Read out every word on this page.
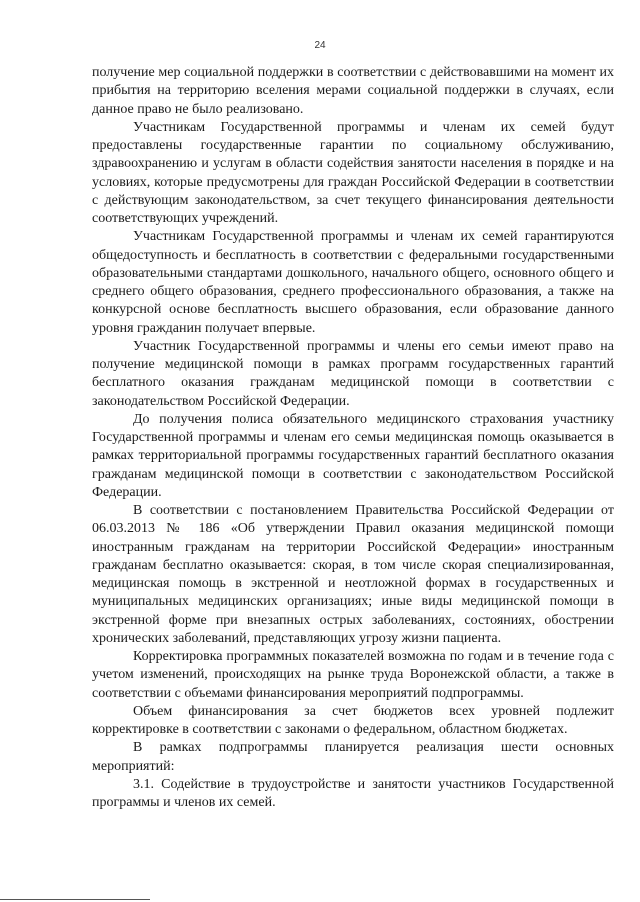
24

получение мер социальной поддержки в соответствии с действовавшими на момент их прибытия на территорию вселения мерами социальной поддержки в случаях, если данное право не было реализовано.

Участникам Государственной программы и членам их семей будут предоставлены государственные гарантии по социальному обслуживанию, здравоохранению и услугам в области содействия занятости населения в порядке и на условиях, которые предусмотрены для граждан Российской Федерации в соответствии с действующим законодательством, за счет текущего финансирования деятельности соответствующих учреждений.

Участникам Государственной программы и членам их семей гарантируются общедоступность и бесплатность в соответствии с федеральными государственными образовательными стандартами дошкольного, начального общего, основного общего и среднего общего образования, среднего профессионального образования, а также на конкурсной основе бесплатность высшего образования, если образование данного уровня гражданин получает впервые.

Участник Государственной программы и члены его семьи имеют право на получение медицинской помощи в рамках программ государственных гарантий бесплатного оказания гражданам медицинской помощи в соответствии с законодательством Российской Федерации.

До получения полиса обязательного медицинского страхования участнику Государственной программы и членам его семьи медицинская помощь оказывается в рамках территориальной программы государственных гарантий бесплатного оказания гражданам медицинской помощи в соответствии с законодательством Российской Федерации.

В соответствии с постановлением Правительства Российской Федерации от 06.03.2013 № 186 «Об утверждении Правил оказания медицинской помощи иностранным гражданам на территории Российской Федерации» иностранным гражданам бесплатно оказывается: скорая, в том числе скорая специализированная, медицинская помощь в экстренной и неотложной формах в государственных и муниципальных медицинских организациях; иные виды медицинской помощи в экстренной форме при внезапных острых заболеваниях, состояниях, обострении хронических заболеваний, представляющих угрозу жизни пациента.

Корректировка программных показателей возможна по годам и в течение года с учетом изменений, происходящих на рынке труда Воронежской области, а также в соответствии с объемами финансирования мероприятий подпрограммы.

Объем финансирования за счет бюджетов всех уровней подлежит корректировке в соответствии с законами о федеральном, областном бюджетах.

В рамках подпрограммы планируется реализация шести основных мероприятий:

3.1. Содействие в трудоустройстве и занятости участников Государственной программы и членов их семей.
